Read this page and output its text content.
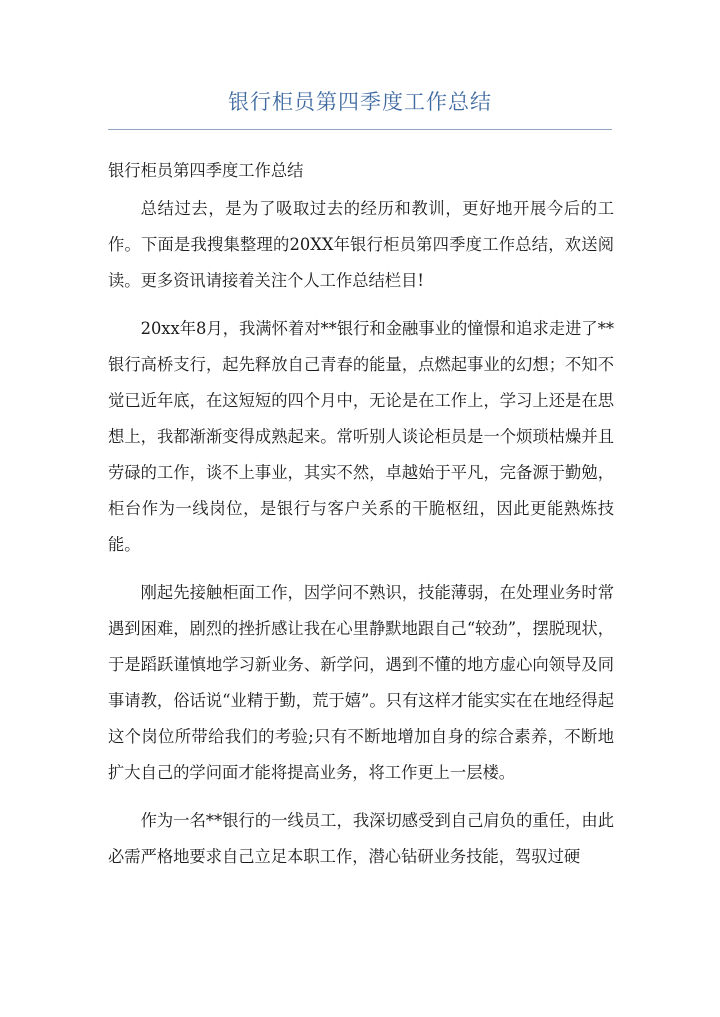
银行柜员第四季度工作总结

银行柜员第四季度工作总结

总结过去，是为了吸取过去的经历和教训，更好地开展今后的工作。下面是我搜集整理的20XX年银行柜员第四季度工作总结，欢送阅读。更多资讯请接着关注个人工作总结栏目!

20xx年8月，我满怀着对**银行和金融事业的憧憬和追求走进了**银行高桥支行，起先释放自己青春的能量，点燃起事业的幻想；不知不觉已近年底，在这短短的四个月中，无论是在工作上，学习上还是在思想上，我都渐渐变得成熟起来。常听别人谈论柜员是一个烦琐枯燥并且劳碌的工作，谈不上事业，其实不然，卓越始于平凡，完备源于勤勉，柜台作为一线岗位，是银行与客户关系的干脆枢纽，因此更能熟炼技能。

刚起先接触柜面工作，因学问不熟识，技能薄弱，在处理业务时常遇到困难，剧烈的挫折感让我在心里静默地跟自己“较劲”，摆脱现状，于是蹈跃谨慎地学习新业务、新学问，遇到不懂的地方虚心向领导及同事请教，俗话说“业精于勤，荒于嬉”。只有这样才能实实在在地经得起这个岗位所带给我们的考验;只有不断地增加自身的综合素养，不断地扩大自己的学问面才能将提高业务，将工作更上一层楼。

作为一名**银行的一线员工，我深切感受到自己肩负的重任，由此必需严格地要求自己立足本职工作，潜心钻研业务技能，驾驭过硬
